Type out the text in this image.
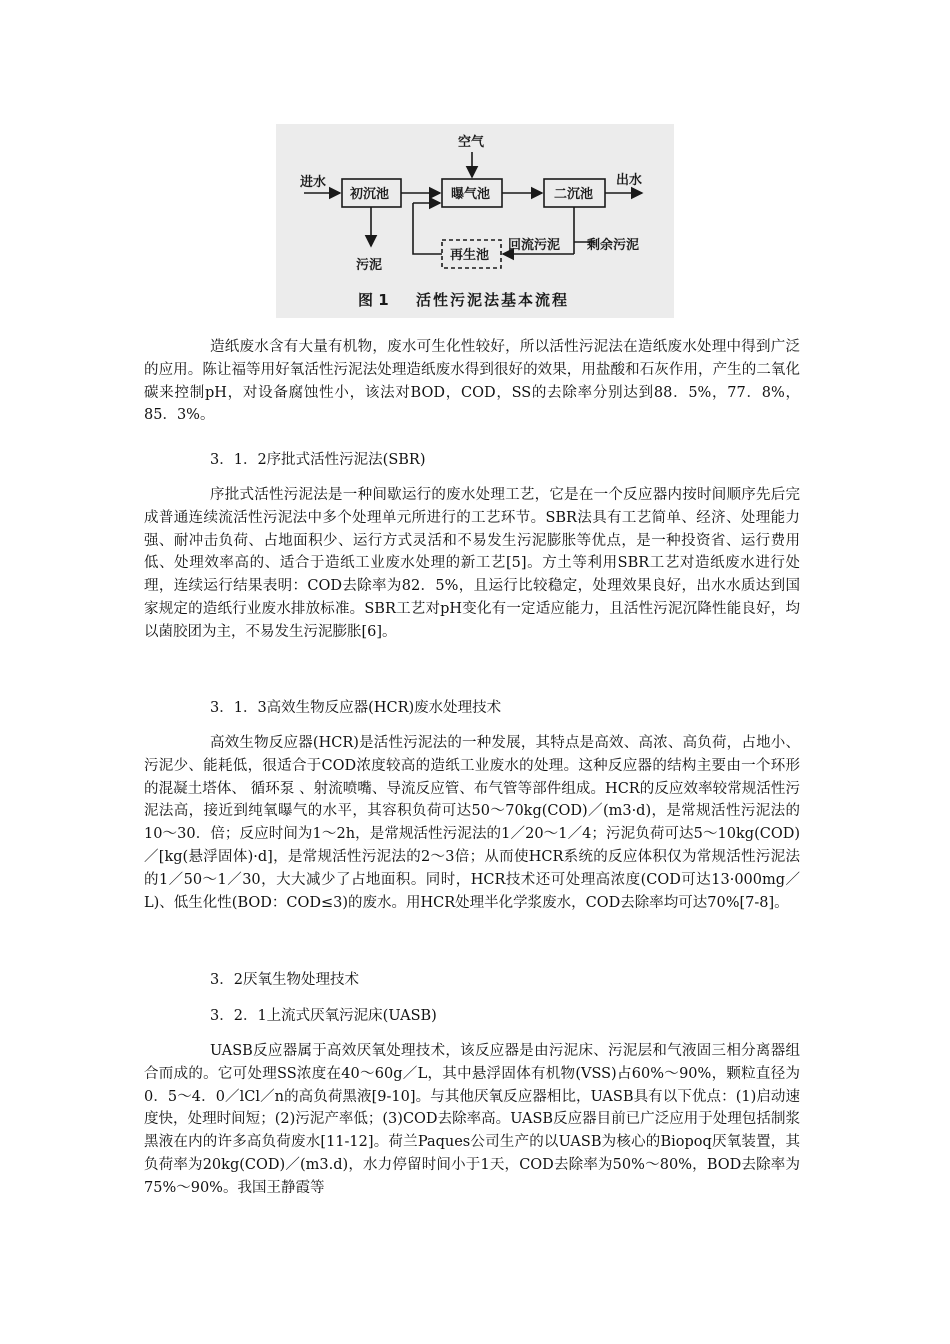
空气
进水
初沉池	曝气池	二沉池
出水
污泥
再生池
回流污泥 剩余污泥
图 1 活性污泥法基本流程

造纸废水含有大量有机物，废水可生化性较好，所以活性污泥法在造纸废水处理中得到广泛的应用。陈让福等用好氧活性污泥法处理造纸废水得到很好的效果，用盐酸和石灰作用，产生的二氧化碳来控制pH，对设备腐蚀性小，该法对BOD，COD，SS的去除率分别达到88．5%，77．8%，85．3%。

3．1．2序批式活性污泥法(SBR)

序批式活性污泥法是一种间歇运行的废水处理工艺，它是在一个反应器内按时间顺序先后完成普通连续流活性污泥法中多个处理单元所进行的工艺环节。SBR法具有工艺简单、经济、处理能力强、耐冲击负荷、占地面积少、运行方式灵活和不易发生污泥膨胀等优点，是一种投资省、运行费用低、处理效率高的、适合于造纸工业废水处理的新工艺[5]。方土等利用SBR工艺对造纸废水进行处理，连续运行结果表明：COD去除率为82．5%，且运行比较稳定，处理效果良好，出水水质达到国家规定的造纸行业废水排放标准。SBR工艺对pH变化有一定适应能力，且活性污泥沉降性能良好，均以菌胶团为主，不易发生污泥膨胀[6]。

3．1．3高效生物反应器(HCR)废水处理技术

高效生物反应器(HCR)是活性污泥法的一种发展，其特点是高效、高浓、高负荷，占地小、污泥少、能耗低，很适合于COD浓度较高的造纸工业废水的处理。这种反应器的结构主要由一个环形的混凝土塔体、 循环泵 、射流喷嘴、导流反应管、布气管等部件组成。HCR的反应效率较常规活性污泥法高，接近到纯氧曝气的水平，其容积负荷可达50～70kg(COD)／(m3·d)，是常规活性污泥法的10～30．倍；反应时间为1～2h，是常规活性污泥法的1／20～1／4；污泥负荷可达5～10kg(COD)／[kg(悬浮固体)·d]，是常规活性污泥法的2～3倍；从而使HCR系统的反应体积仅为常规活性污泥法的1／50～1／30，大大减少了占地面积。同时，HCR技术还可处理高浓度(COD可达13·000mg／L)、低生化性(BOD：COD≤3)的废水。用HCR处理半化学浆废水，COD去除率均可达70%[7-8]。

3．2厌氧生物处理技术

3．2．1上流式厌氧污泥床(UASB)

UASB反应器属于高效厌氧处理技术，该反应器是由污泥床、污泥层和气液固三相分离器组合而成的。它可处理SS浓度在40～60g／L，其中悬浮固体有机物(VSS)占60%～90%，颗粒直径为0．5～4．0／lCl／n的高负荷黑液[9-10]。与其他厌氧反应器相比，UASB具有以下优点：(1)启动速度快，处理时间短；(2)污泥产率低；(3)COD去除率高。UASB反应器目前已广泛应用于处理包括制浆黑液在内的许多高负荷废水[11-12]。荷兰Paques公司生产的以UASB为核心的Biopoq厌氧装置，其负荷率为20kg(COD)／(m3.d)，水力停留时间小于1天，COD去除率为50%～80%，BOD去除率为75%～90%。我国王静霞等
